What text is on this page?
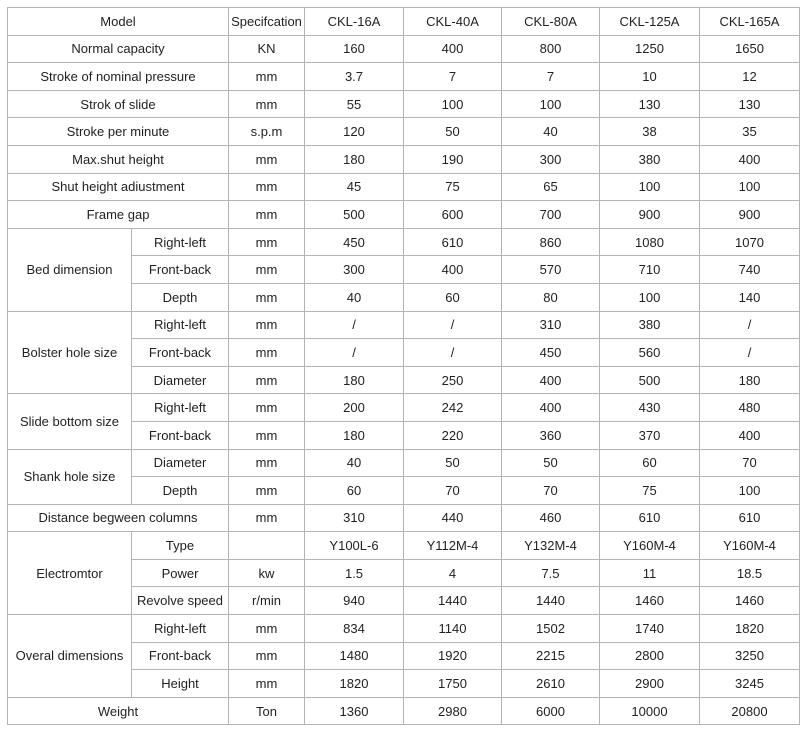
Model		Specifcation	CKL-16A	CKL-40A	CKL-80A	CKL-125A	CKL-165A
Normal capacity		KN	160	400	800	1250	1650
Stroke of nominal pressure		mm	3.7	7	7	10	12
Strok of slide		mm	55	100	100	130	130
Stroke per minute		s.p.m	120	50	40	38	35
Max.shut height		mm	180	190	300	380	400
Shut height adiustment		mm	45	75	65	100	100
Frame gap		mm	500	600	700	900	900
Bed dimension	Right-left	mm	450	610	860	1080	1070
	Front-back	mm	300	400	570	710	740
	Depth	mm	40	60	80	100	140
Bolster hole size	Right-left	mm	/	/	310	380	/
	Front-back	mm	/	/	450	560	/
	Diameter	mm	180	250	400	500	180
Slide bottom size	Right-left	mm	200	242	400	430	480
	Front-back	mm	180	220	360	370	400
Shank hole size	Diameter	mm	40	50	50	60	70
	Depth	mm	60	70	70	75	100
Distance begween columns		mm	310	440	460	610	610
Electromtor	Type		Y100L-6	Y112M-4	Y132M-4	Y160M-4	Y160M-4
	Power	kw	1.5	4	7.5	11	18.5
	Revolve speed	r/min	940	1440	1440	1460	1460
Overal dimensions	Right-left	mm	834	1140	1502	1740	1820
	Front-back	mm	1480	1920	2215	2800	3250
	Height	mm	1820	1750	2610	2900	3245
Weight		Ton	1360	2980	6000	10000	20800
